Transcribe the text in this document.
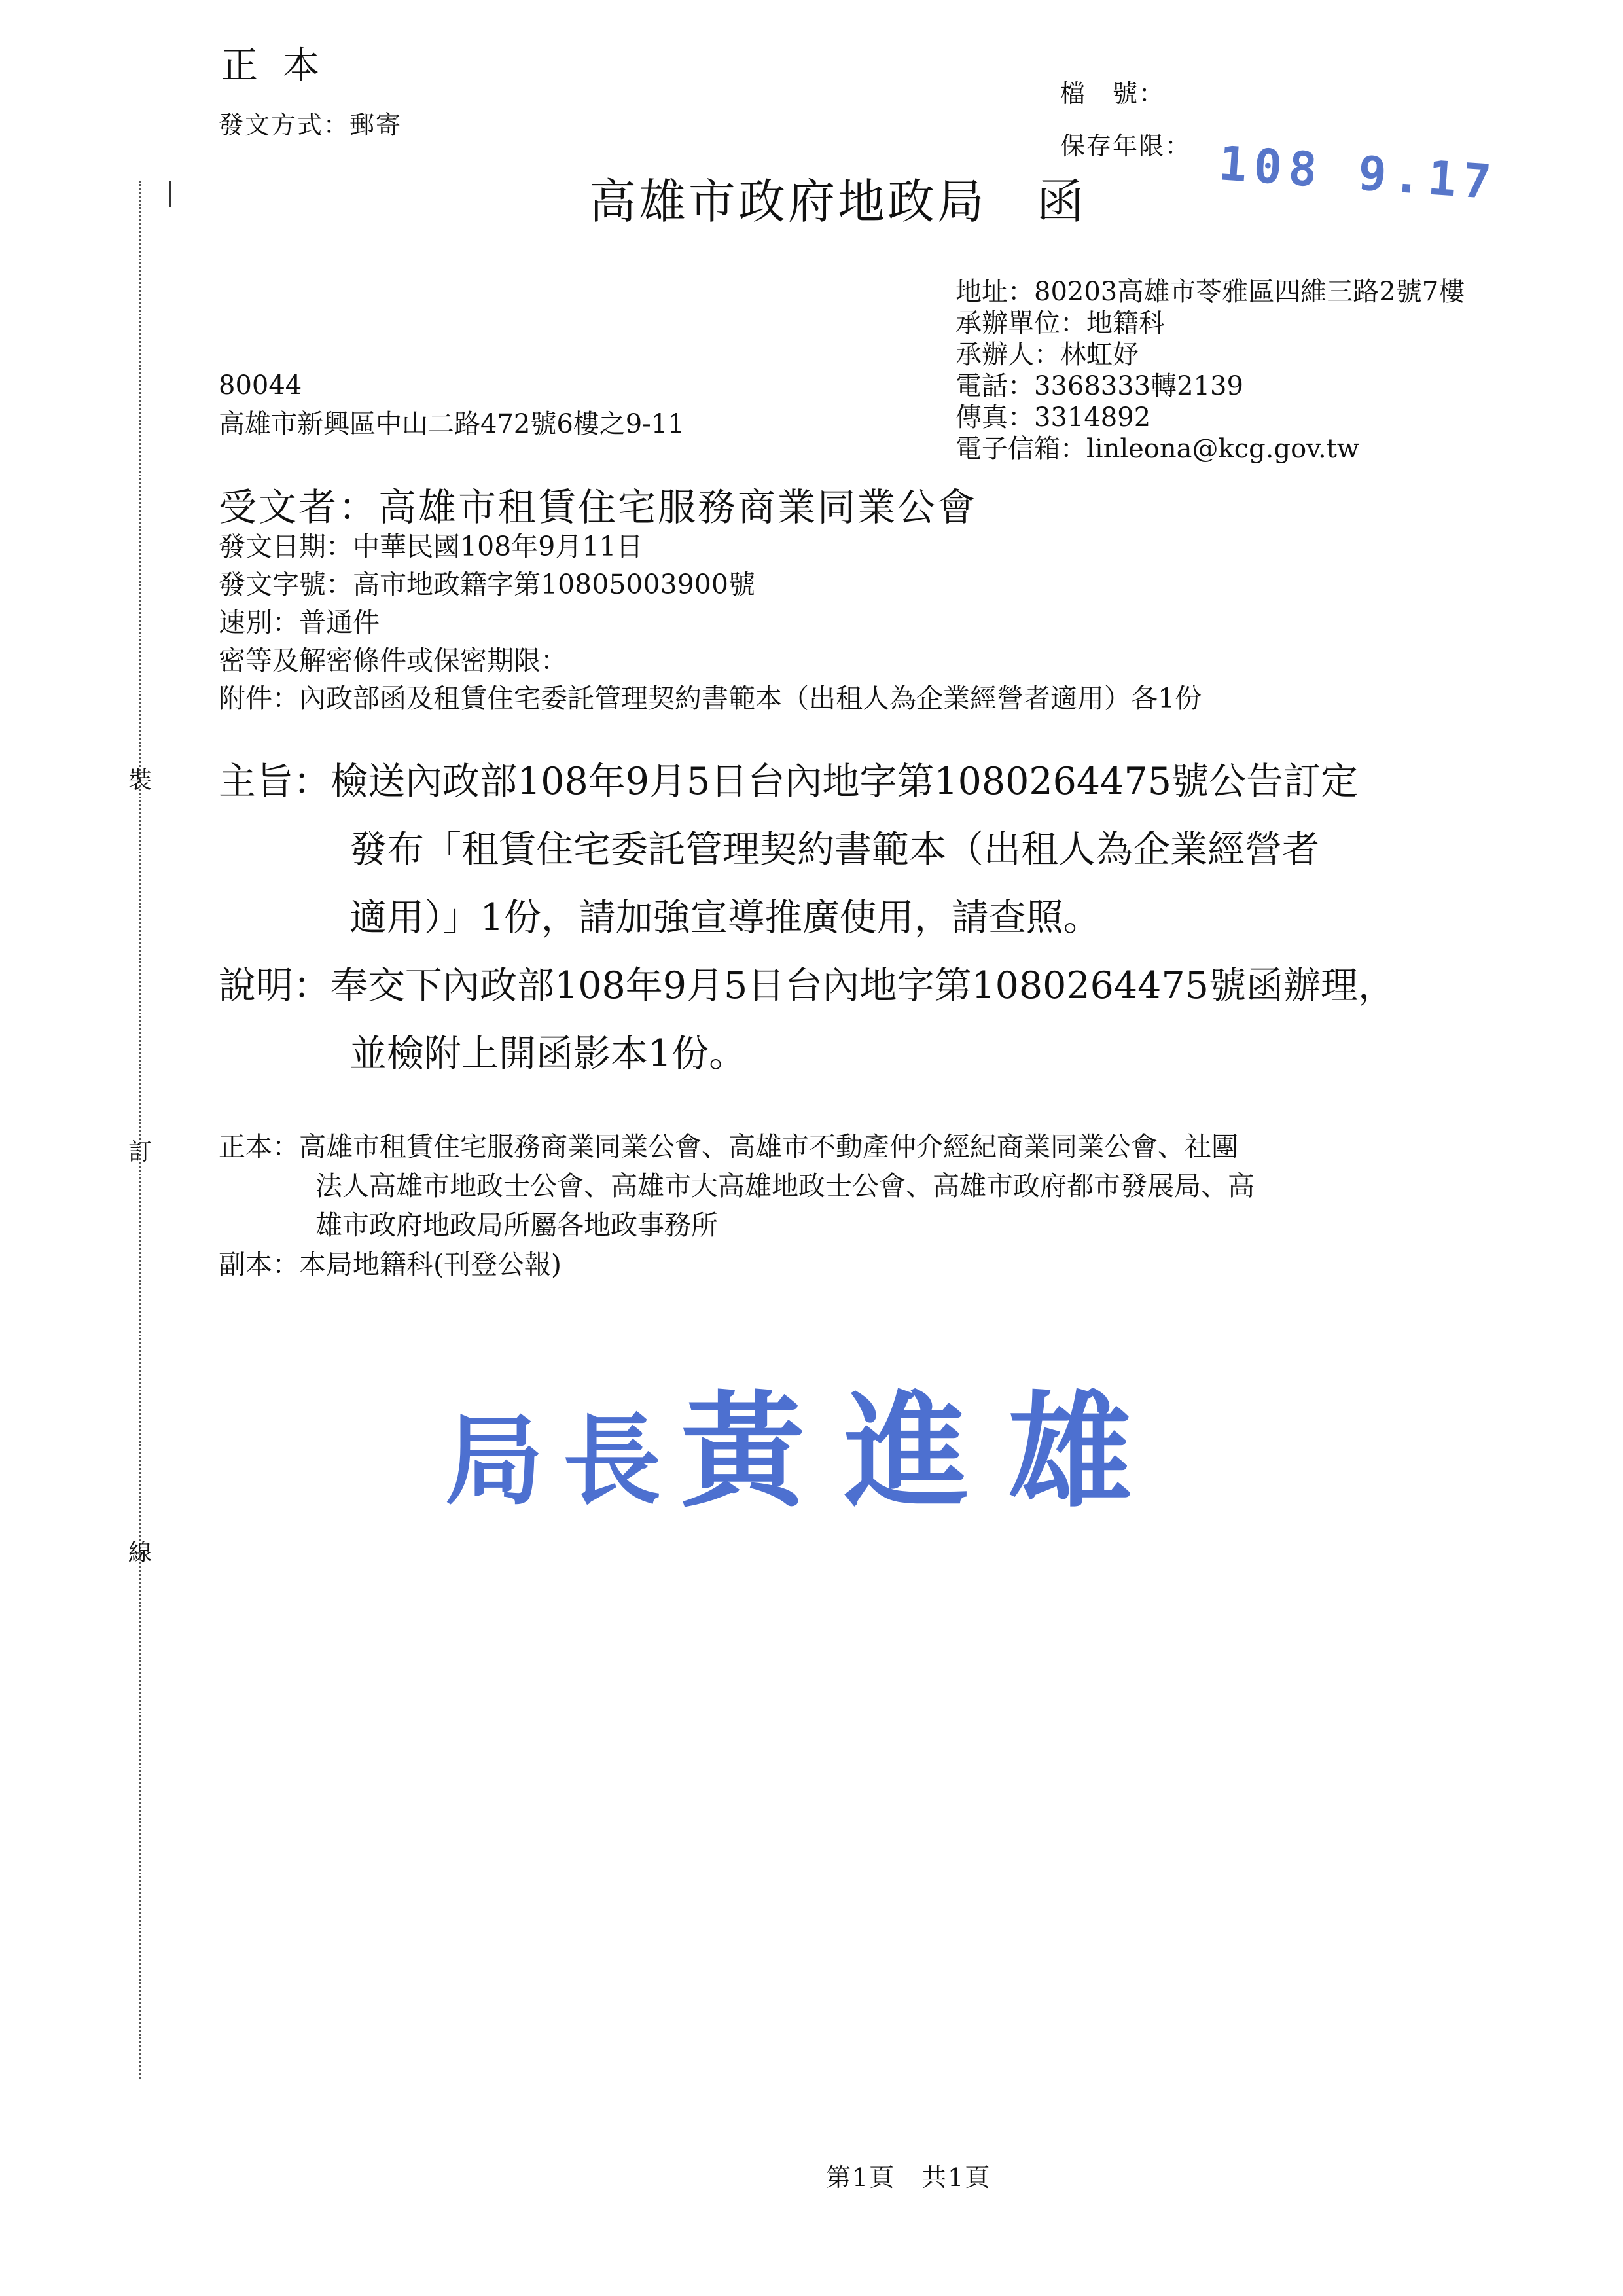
裝
訂
線
正本
發文方式：郵寄
檔　號：
保存年限：
高雄市政府地政局　函	108 9.17
地址：80203高雄市苓雅區四維三路2號7樓
承辦單位：地籍科
承辦人：林虹妤
電話：3368333轉2139
傳真：3314892
電子信箱：linleona@kcg.gov.tw
80044
高雄市新興區中山二路472號6樓之9-11
受文者：高雄市租賃住宅服務商業同業公會
發文日期：中華民國108年9月11日
發文字號：高市地政籍字第10805003900號
速別：普通件
密等及解密條件或保密期限：
附件：內政部函及租賃住宅委託管理契約書範本（出租人為企業經營者適用）各1份
主旨：檢送內政部108年9月5日台內地字第1080264475號公告訂定
發布「租賃住宅委託管理契約書範本（出租人為企業經營者
適用）」1份，請加強宣導推廣使用，請查照。
說明：奉交下內政部108年9月5日台內地字第1080264475號函辦理，
並檢附上開函影本1份。
正本：高雄市租賃住宅服務商業同業公會、高雄市不動產仲介經紀商業同業公會、社團
法人高雄市地政士公會、高雄市大高雄地政士公會、高雄市政府都市發展局、高
雄市政府地政局所屬各地政事務所
副本：本局地籍科(刊登公報)
局長黃進雄
第1頁　共1頁
